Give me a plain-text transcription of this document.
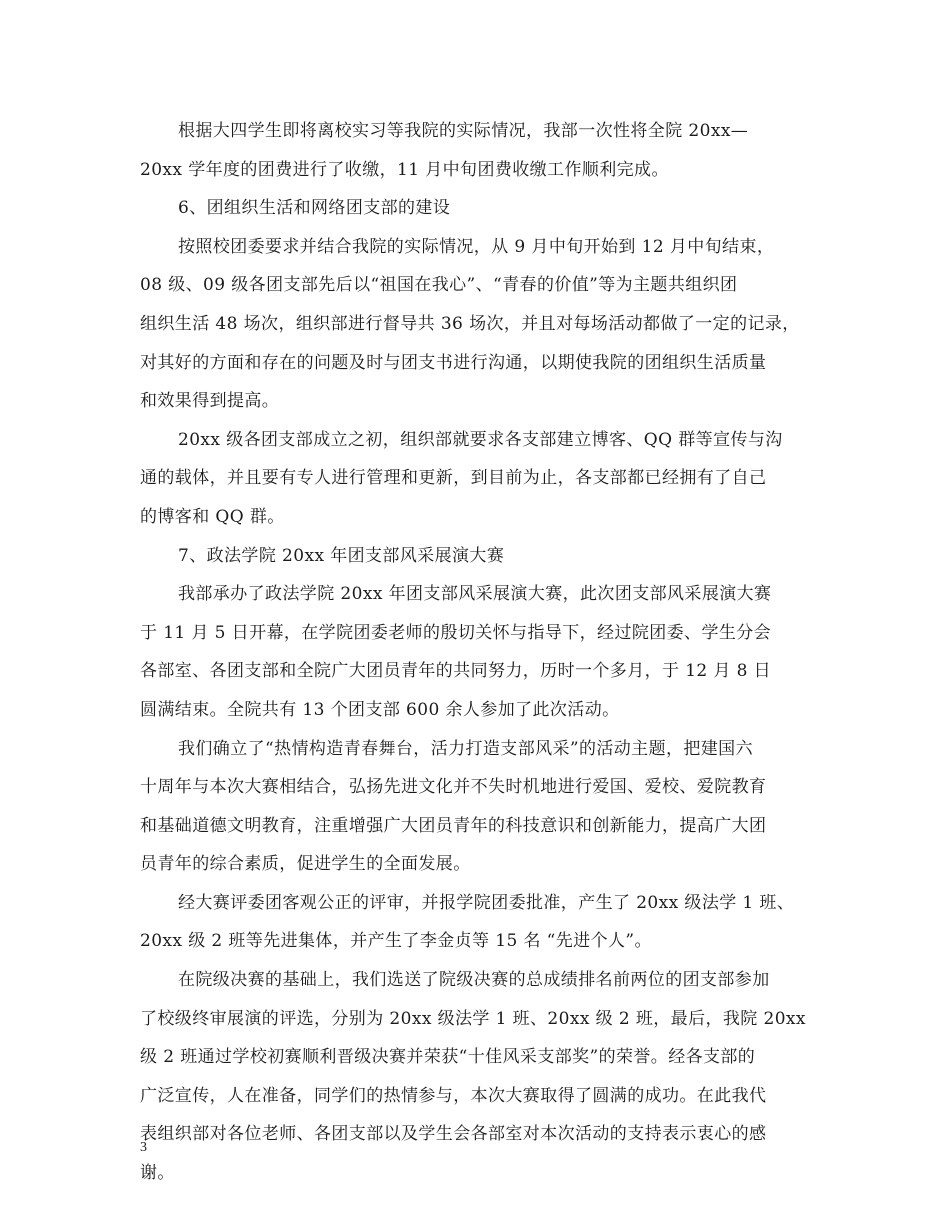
根据大四学生即将离校实习等我院的实际情况，我部一次性将全院 20xx—
20xx 学年度的团费进行了收缴，11 月中旬团费收缴工作顺利完成。
6、团组织生活和网络团支部的建设
按照校团委要求并结合我院的实际情况，从 9 月中旬开始到 12 月中旬结束，
08 级、09 级各团支部先后以“祖国在我心”、“青春的价值”等为主题共组织团
组织生活 48 场次，组织部进行督导共 36 场次，并且对每场活动都做了一定的记录，
对其好的方面和存在的问题及时与团支书进行沟通，以期使我院的团组织生活质量
和效果得到提高。
20xx 级各团支部成立之初，组织部就要求各支部建立博客、QQ 群等宣传与沟
通的载体，并且要有专人进行管理和更新，到目前为止，各支部都已经拥有了自己
的博客和 QQ 群。
7、政法学院 20xx 年团支部风采展演大赛
我部承办了政法学院 20xx 年团支部风采展演大赛，此次团支部风采展演大赛
于 11 月 5 日开幕，在学院团委老师的殷切关怀与指导下，经过院团委、学生分会
各部室、各团支部和全院广大团员青年的共同努力，历时一个多月，于 12 月 8 日
圆满结束。全院共有 13 个团支部 600 余人参加了此次活动。
我们确立了“热情构造青春舞台，活力打造支部风采”的活动主题，把建国六
十周年与本次大赛相结合，弘扬先进文化并不失时机地进行爱国、爱校、爱院教育
和基础道德文明教育，注重增强广大团员青年的科技意识和创新能力，提高广大团
员青年的综合素质，促进学生的全面发展。
经大赛评委团客观公正的评审，并报学院团委批准，产生了 20xx 级法学 1 班、
20xx 级 2 班等先进集体，并产生了李金贞等 15 名 “先进个人”。
在院级决赛的基础上，我们选送了院级决赛的总成绩排名前两位的团支部参加
了校级终审展演的评选，分别为 20xx 级法学 1 班、20xx 级 2 班，最后，我院 20xx
级 2 班通过学校初赛顺利晋级决赛并荣获“十佳风采支部奖”的荣誉。经各支部的
广泛宣传，人在准备，同学们的热情参与，本次大赛取得了圆满的成功。在此我代
表组织部对各位老师、各团支部以及学生会各部室对本次活动的支持表示衷心的感
谢。
3
